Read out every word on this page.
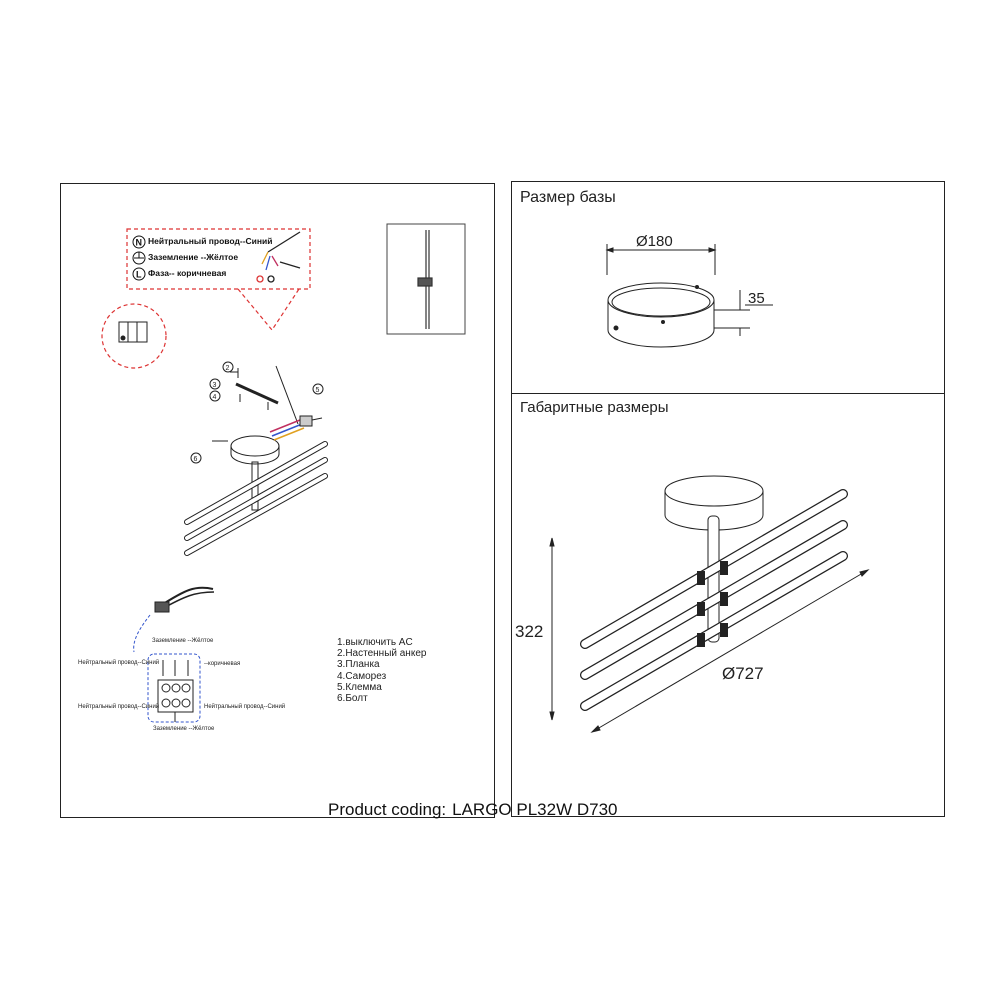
Размер базы
Габаритные размеры
Ø180
35
322
Ø727
N
L
2
3
4
5
6
Нейтральный провод--Синий
Заземление --Жёлтое
Фаза-- коричневая
Заземление --Жёлтое
Нейтральный провод--Синий	--коричневая
Нейтральный провод--Синий	Нейтральный провод--Синий
Заземление --Жёлтое
1.выключить AC
2.Настенный анкер
3.Планка
4.Саморез
5.Клемма
6.Болт
Product coding: LARGO PL32W D730
